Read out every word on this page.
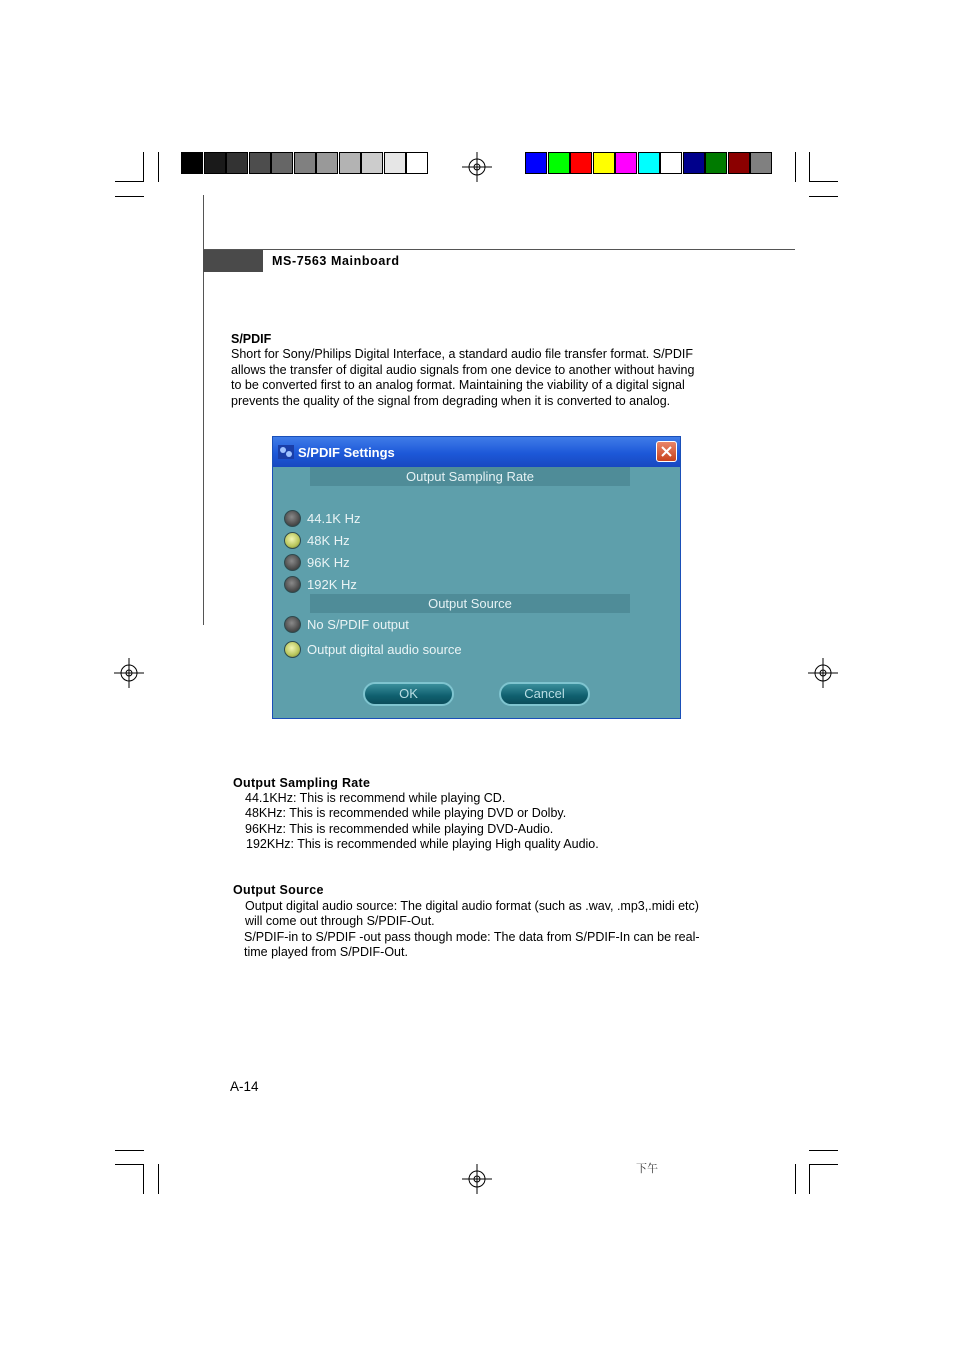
MS-7563 Mainboard
S/PDIF
Short for Sony/Philips Digital Interface, a standard audio file transfer format. S/PDIF
allows the transfer of digital audio signals from one device to another without having
to be converted first to an analog format. Maintaining the viability of a digital signal
prevents the quality of the signal from degrading when it is converted to analog.
S/PDIF Settings
Output Sampling Rate
44.1K Hz
48K Hz
96K Hz
192K Hz
Output Source
No S/PDIF output
Output digital audio source
OK	Cancel
Output Sampling Rate
44.1KHz: This is recommend while playing CD.
48KHz: This is recommended while playing DVD or Dolby.
96KHz: This is recommended while playing DVD-Audio.
192KHz: This is recommended while playing High quality Audio.
Output Source
Output digital audio source: The digital audio format (such as .wav, .mp3,.midi etc)
will come out through S/PDIF-Out.
S/PDIF-in to S/PDIF -out pass though mode: The data from S/PDIF-In can be real-
time played from S/PDIF-Out.
A-14
下午
